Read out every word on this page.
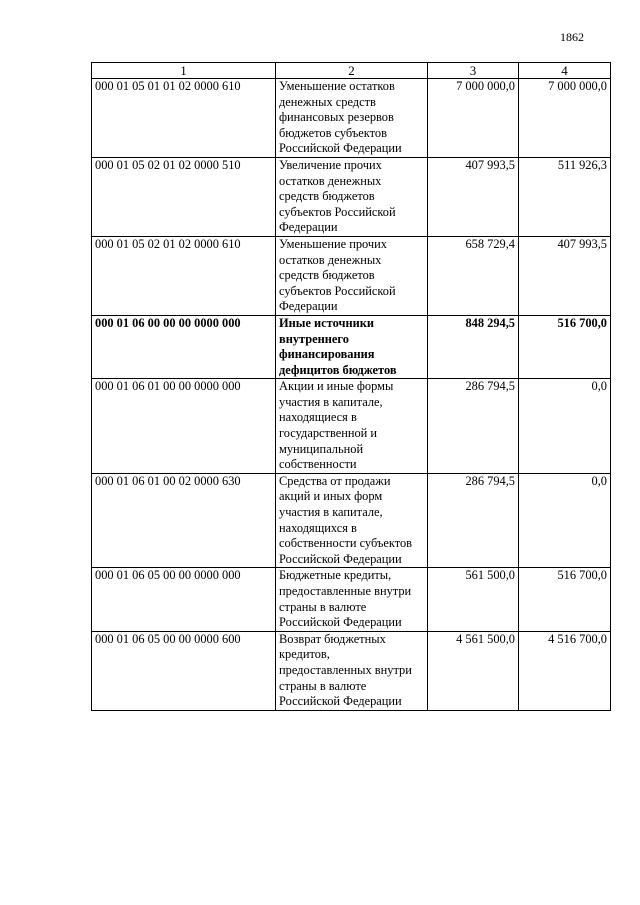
1862
1	2	3	4
000 01 05 01 01 02 0000 610	Уменьшение остатков денежных средств финансовых резервов бюджетов субъектов Российской Федерации	7 000 000,0	7 000 000,0
000 01 05 02 01 02 0000 510	Увеличение прочих остатков денежных средств бюджетов субъектов Российской Федерации	407 993,5	511 926,3
000 01 05 02 01 02 0000 610	Уменьшение прочих остатков денежных средств бюджетов субъектов Российской Федерации	658 729,4	407 993,5
000 01 06 00 00 00 0000 000	Иные источники внутреннего финансирования дефицитов бюджетов	848 294,5	516 700,0
000 01 06 01 00 00 0000 000	Акции и иные формы участия в капитале, находящиеся в государственной и муниципальной собственности	286 794,5	0,0
000 01 06 01 00 02 0000 630	Средства от продажи акций и иных форм участия в капитале, находящихся в собственности субъектов Российской Федерации	286 794,5	0,0
000 01 06 05 00 00 0000 000	Бюджетные кредиты, предоставленные внутри страны в валюте Российской Федерации	561 500,0	516 700,0
000 01 06 05 00 00 0000 600	Возврат бюджетных кредитов, предоставленных внутри страны в валюте Российской Федерации	4 561 500,0	4 516 700,0
